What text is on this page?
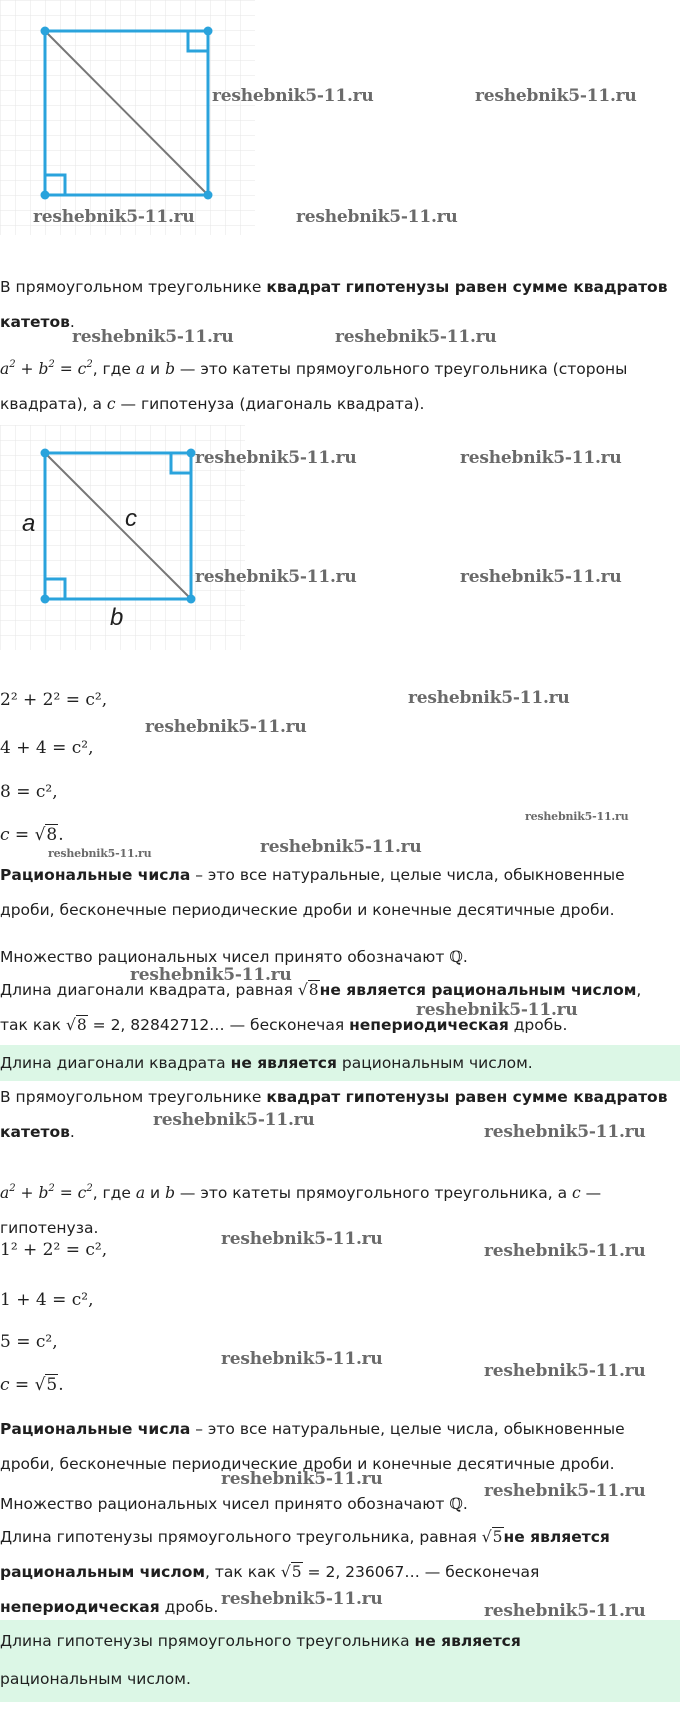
В прямоугольном треугольнике квадрат гипотенузы равен сумме квадратов катетов.
$a^2 + b^2 = c^2$, где a и b — это катеты прямоугольного треугольника (стороны квадрата), а c — гипотенуза (диагональ квадрата).
a	c
b
2² + 2² = c²,
4 + 4 = c²,
8 = c²,
c = √8.
Рациональные числа – это все натуральные, целые числа, обыкновенные дроби, бесконечные периодические дроби и конечные десятичные дроби.
Множество рациональных чисел принято обозначают ℚ.
Длина диагонали квадрата, равная √8не является рациональным числом, так как √8 = 2, 82842712… — бесконечая непериодическая дробь.
Длина диагонали квадрата не является рациональным числом.
В прямоугольном треугольнике квадрат гипотенузы равен сумме квадратов катетов.
$a^2 + b^2 = c^2$, где a и b — это катеты прямоугольного треугольника, а c — гипотенуза.
1² + 2² = c²,
1 + 4 = c²,
5 = c²,
c = √5.
Рациональные числа – это все натуральные, целые числа, обыкновенные дроби, бесконечные периодические дроби и конечные десятичные дроби.
Множество рациональных чисел принято обозначают ℚ.
Длина гипотенузы прямоугольного треугольника, равная √5не является рациональным числом, так как √5 = 2, 236067… — бесконечая непериодическая дробь.
Длина гипотенузы прямоугольного треугольника не является рациональным числом.
reshebnik5-11.ru	reshebnik5-11.ru
reshebnik5-11.ru	reshebnik5-11.ru
reshebnik5-11.ru	reshebnik5-11.ru
reshebnik5-11.ru	reshebnik5-11.ru
reshebnik5-11.ru	reshebnik5-11.ru
reshebnik5-11.ru
reshebnik5-11.ru
reshebnik5-11.ru
reshebnik5-11.ru	reshebnik5-11.ru
reshebnik5-11.ru
reshebnik5-11.ru
reshebnik5-11.ru
reshebnik5-11.ru
reshebnik5-11.ru
reshebnik5-11.ru
reshebnik5-11.ru
reshebnik5-11.ru
reshebnik5-11.ru
reshebnik5-11.ru
reshebnik5-11.ru
reshebnik5-11.ru
